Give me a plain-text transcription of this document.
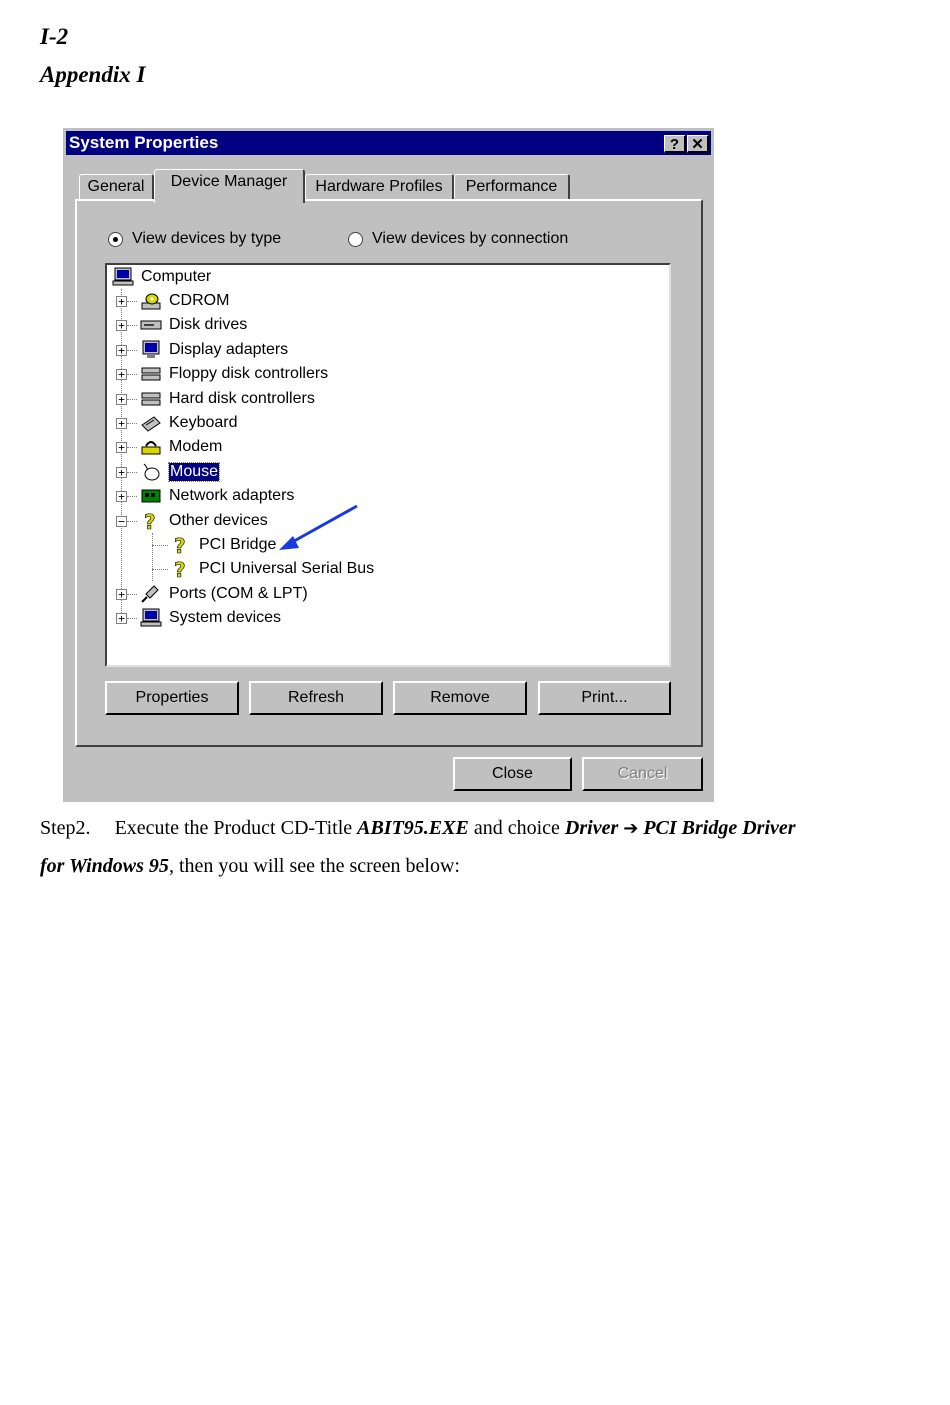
I-2
Appendix I
System Properties	? ✕
General	Device Manager	Hardware Profiles	Performance
View devices by type	View devices by connection
Computer
+	CDROM
+	Disk drives
+	Display adapters
+	Floppy disk controllers
+	Hard disk controllers
+	Keyboard
+	Modem
+	Mouse
+	Network adapters
− ? Other devices
? PCI Bridge
? PCI Universal Serial Bus
+	Ports (COM & LPT)
+	System devices
Properties	Refresh	Remove	Print...
Close	Cancel
Step2. Execute the Product CD-Title ABIT95.EXE and choice Driver ➔ PCI Bridge Driver
for Windows 95, then you will see the screen below:
